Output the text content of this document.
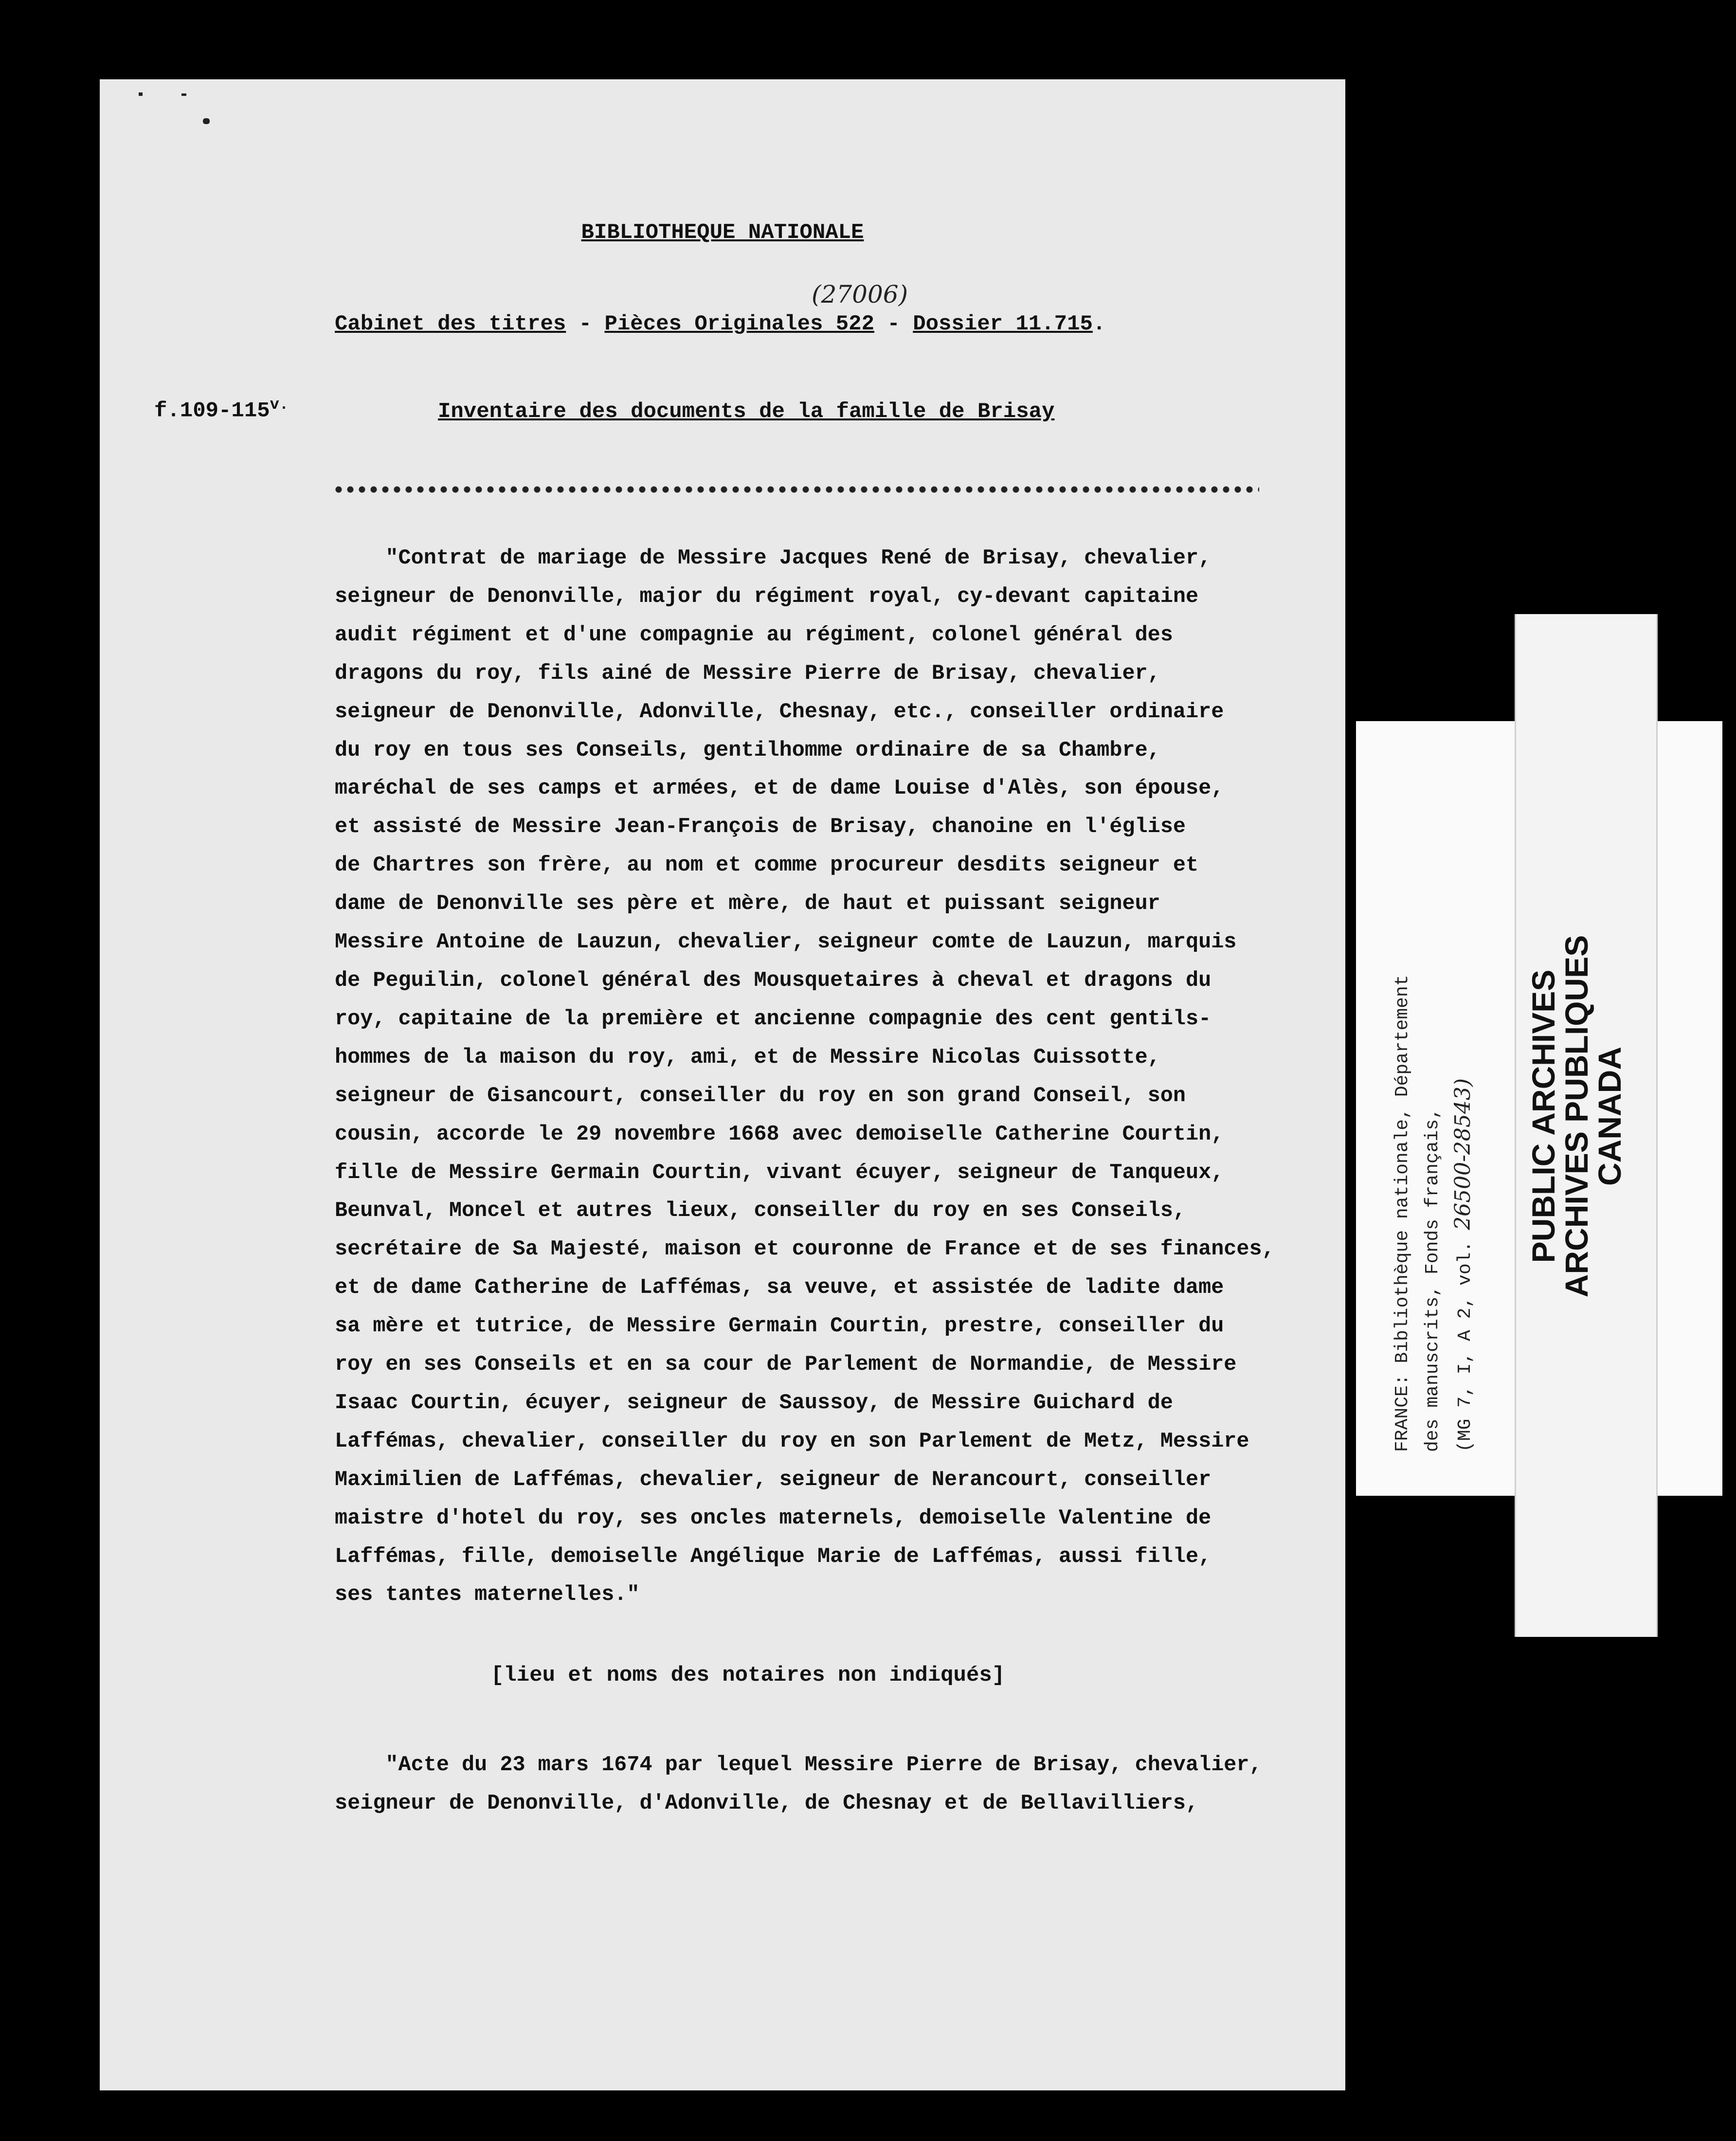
BIBLIOTHEQUE NATIONALE
(27006)
Cabinet des titres - Pièces Originales 522 - Dossier 11.715.
$f.109-115^{v.}$	Inventaire des documents de la famille de Brisay
"Contrat de mariage de Messire Jacques René de Brisay, chevalier,
seigneur de Denonville, major du régiment royal, cy-devant capitaine
audit régiment et d'une compagnie au régiment, colonel général des
dragons du roy, fils ainé de Messire Pierre de Brisay, chevalier,
seigneur de Denonville, Adonville, Chesnay, etc., conseiller ordinaire
du roy en tous ses Conseils, gentilhomme ordinaire de sa Chambre,
maréchal de ses camps et armées, et de dame Louise d'Alès, son épouse,
et assisté de Messire Jean-François de Brisay, chanoine en l'église
de Chartres son frère, au nom et comme procureur desdits seigneur et
dame de Denonville ses père et mère, de haut et puissant seigneur
Messire Antoine de Lauzun, chevalier, seigneur comte de Lauzun, marquis
de Peguilin, colonel général des Mousquetaires à cheval et dragons du
roy, capitaine de la première et ancienne compagnie des cent gentils-
hommes de la maison du roy, ami, et de Messire Nicolas Cuissotte,
seigneur de Gisancourt, conseiller du roy en son grand Conseil, son
cousin, accorde le 29 novembre 1668 avec demoiselle Catherine Courtin,
fille de Messire Germain Courtin, vivant écuyer, seigneur de Tanqueux,
Beunval, Moncel et autres lieux, conseiller du roy en ses Conseils,
secrétaire de Sa Majesté, maison et couronne de France et de ses finances,
et de dame Catherine de Laffémas, sa veuve, et assistée de ladite dame
sa mère et tutrice, de Messire Germain Courtin, prestre, conseiller du
roy en ses Conseils et en sa cour de Parlement de Normandie, de Messire
Isaac Courtin, écuyer, seigneur de Saussoy, de Messire Guichard de
Laffémas, chevalier, conseiller du roy en son Parlement de Metz, Messire
Maximilien de Laffémas, chevalier, seigneur de Nerancourt, conseiller
maistre d'hotel du roy, ses oncles maternels, demoiselle Valentine de
Laffémas, fille, demoiselle Angélique Marie de Laffémas, aussi fille,
ses tantes maternelles."
[lieu et noms des notaires non indiqués]
"Acte du 23 mars 1674 par lequel Messire Pierre de Brisay, chevalier,
seigneur de Denonville, d'Adonville, de Chesnay et de Bellavilliers,
FRANCE: Bibliothèque nationale, Département des manuscrits, Fonds français, (MG 7, I, A 2, vol. 26500-28543) PUBLIC ARCHIVES
ARCHIVES PUBLIQUES
CANADA
